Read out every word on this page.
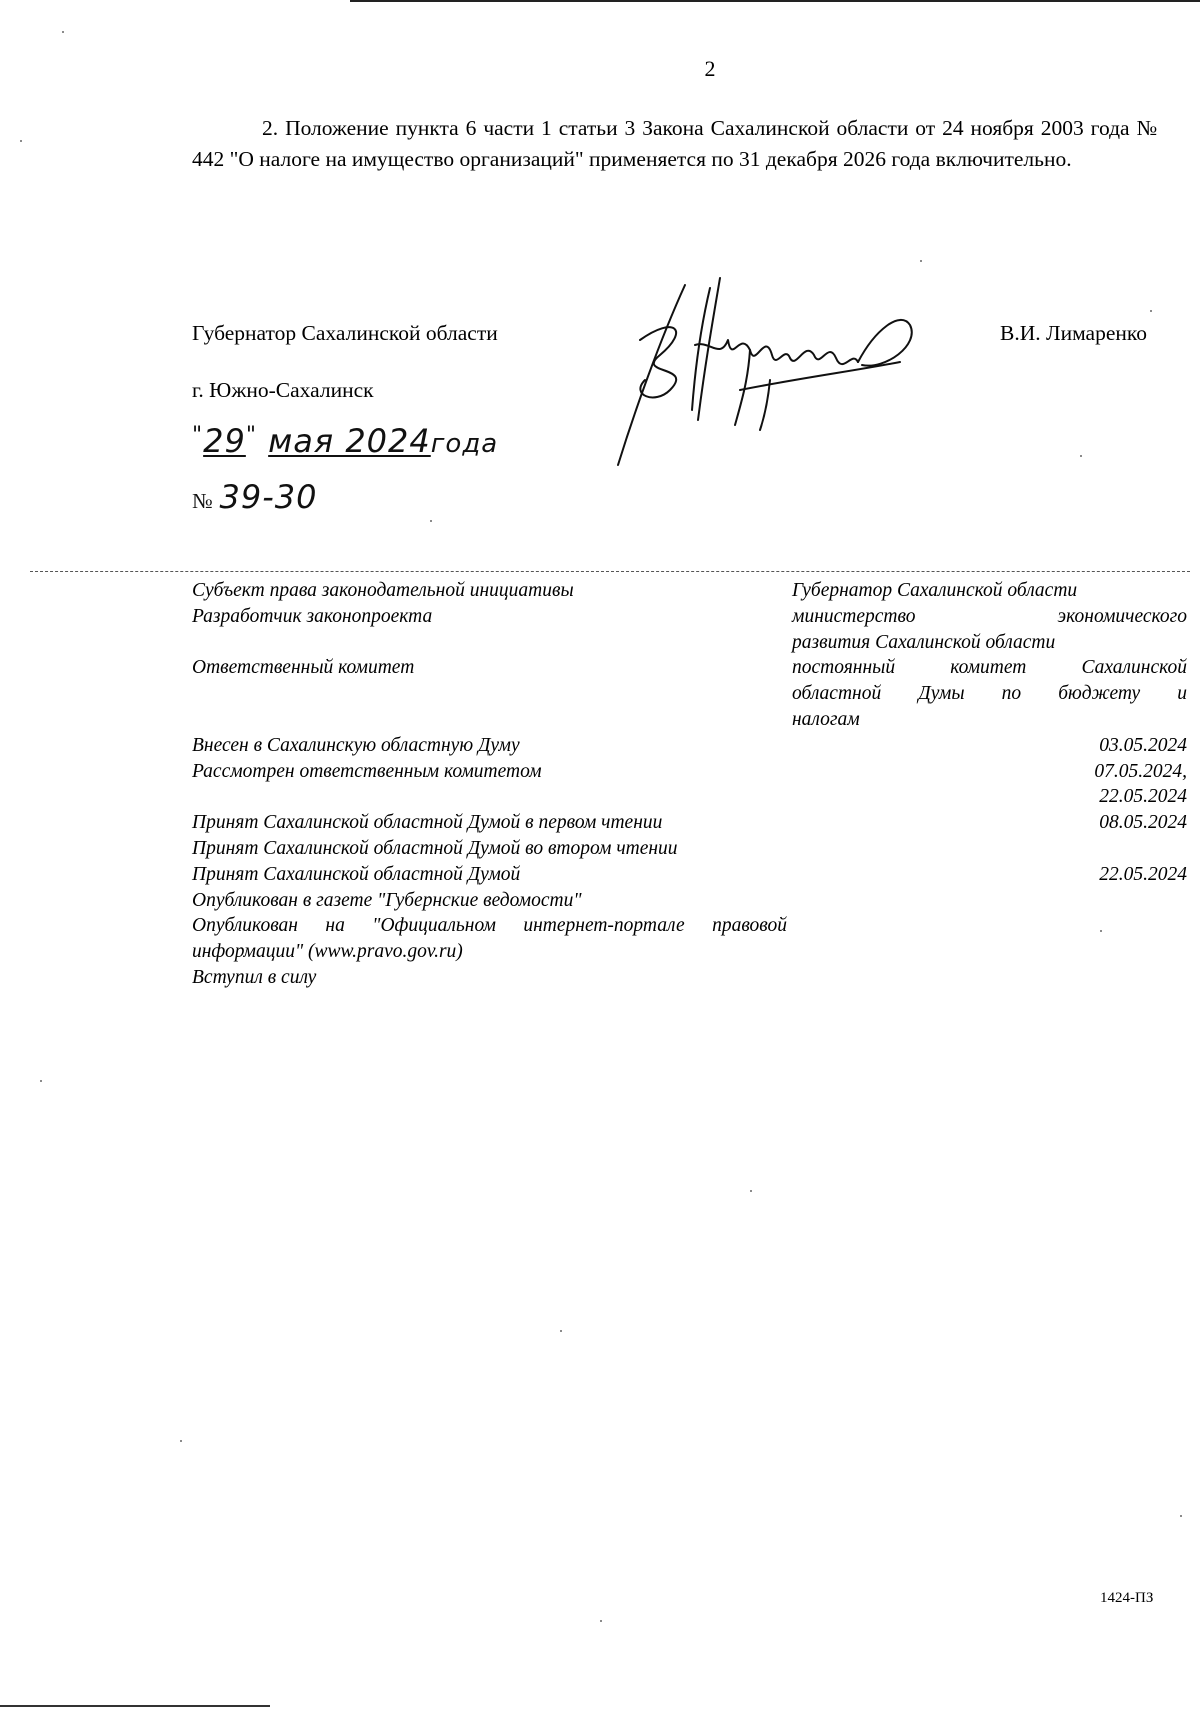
2
2. Положение пункта 6 части 1 статьи 3 Закона Сахалинской области от 24 ноября 2003 года № 442 "О налоге на имущество организаций" применяется по 31 декабря 2026 года включительно.
Губернатор Сахалинской области	В.И. Лимаренко
г. Южно-Сахалинск
"29" мая 2024года
№ 39-30
Субъект права законодательной инициативы	Губернатор Сахалинской области
Разработчик законопроекта	министерство экономического
развития Сахалинской области
Ответственный комитет	постоянный комитет Сахалинской
областной Думы по бюджету и
налогам
Внесен в Сахалинскую областную Думу	03.05.2024
Рассмотрен ответственным комитетом	07.05.2024,
22.05.2024
Принят Сахалинской областной Думой в первом чтении	08.05.2024
Принят Сахалинской областной Думой во втором чтении
Принят Сахалинской областной Думой	22.05.2024
Опубликован в газете "Губернские ведомости"
Опубликован на "Официальном интернет-портале правовой
информации" (www.pravo.gov.ru)
Вступил в силу
1424-ПЗ
